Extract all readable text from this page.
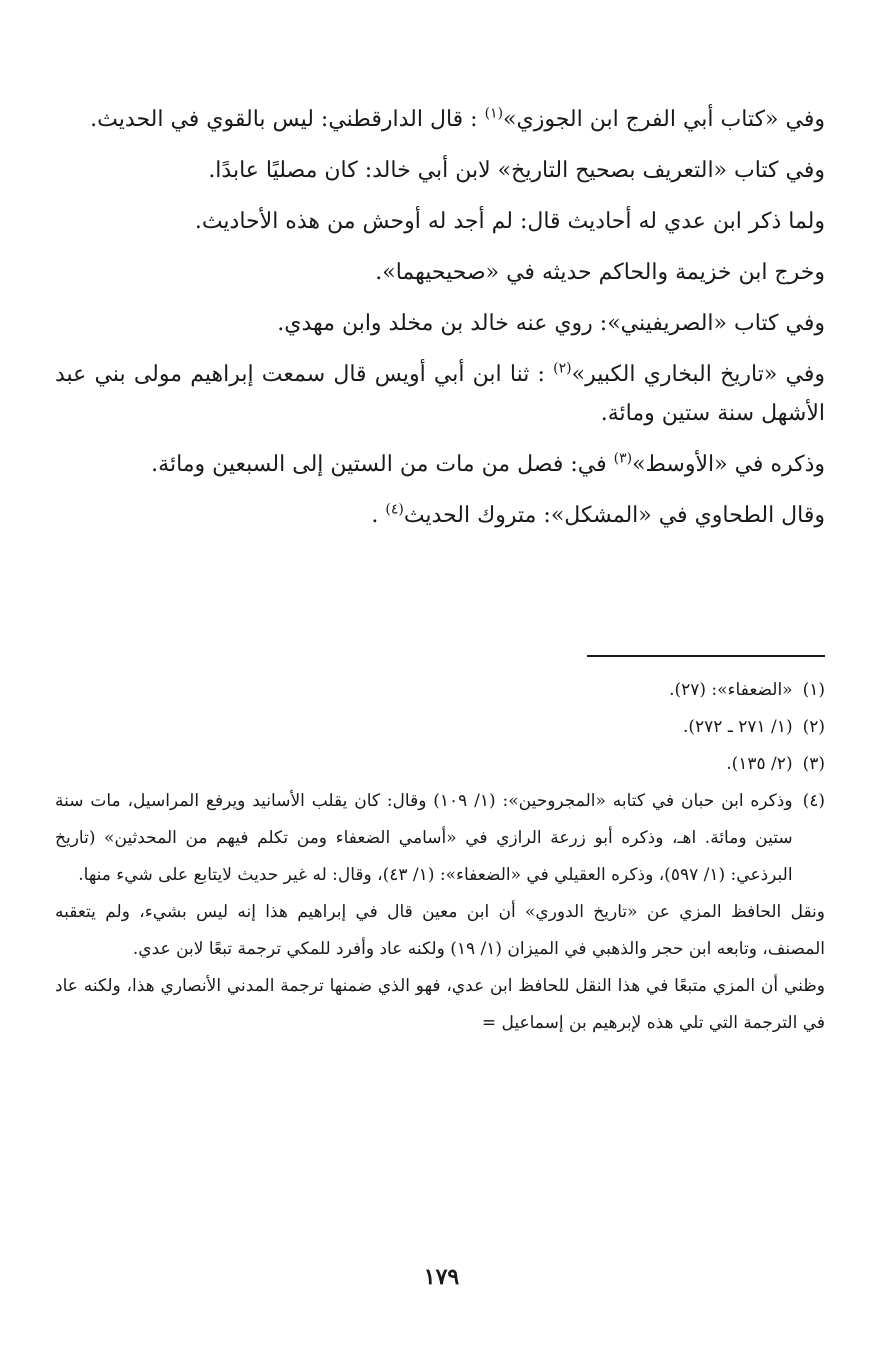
وفي «كتاب أبي الفرج ابن الجوزي»$^{(١)}$ : قال الدارقطني: ليس بالقوي في الحديث.

وفي كتاب «التعريف بصحيح التاريخ» لابن أبي خالد: كان مصليًا عابدًا.

ولما ذكر ابن عدي له أحاديث قال: لم أجد له أوحش من هذه الأحاديث.

وخرج ابن خزيمة والحاكم حديثه في «صحيحيهما».

وفي كتاب «الصريفيني»: روي عنه خالد بن مخلد وابن مهدي.

وفي «تاريخ البخاري الكبير»$^{(٢)}$ : ثنا ابن أبي أويس قال سمعت إبراهيم مولى بني عبد الأشهل سنة ستين ومائة.

وذكره في «الأوسط»$^{(٣)}$ في: فصل من مات من الستين إلى السبعين ومائة.

وقال الطحاوي في «المشكل»: متروك الحديث$^{(٤)}$ .

(١)
«الضعفاء»: (٢٧).

(٢)
(١/ ٢٧١ ـ ٢٧٢).

(٣)
(٢/ ١٣٥).

(٤)
وذكره ابن حبان في كتابه «المجروحين»: (١/ ١٠٩) وقال: كان يقلب الأسانيد ويرفع المراسيل، مات سنة ستين ومائة. اهـ، وذكره أبو زرعة الرازي في «أسامي الضعفاء ومن تكلم فيهم من المحدثين» (تاريخ البرذعي: (١/ ٥٩٧)، وذكره العقيلي في «الضعفاء»: (١/ ٤٣)، وقال: له غير حديث لايتابع على شيء منها.

ونقل الحافظ المزي عن «تاريخ الدوري» أن ابن معين قال في إبراهيم هذا إنه ليس بشيء، ولم يتعقبه المصنف، وتابعه ابن حجر والذهبي في الميزان (١/ ١٩) ولكنه عاد وأفرد للمكي ترجمة تبعًا لابن عدي.

وظني أن المزي متبعًا في هذا النقل للحافظ ابن عدي، فهو الذي ضمنها ترجمة المدني الأنصاري هذا، ولكنه عاد في الترجمة التي تلي هذه لإبرهيم بن إسماعيل =

١٧٩
